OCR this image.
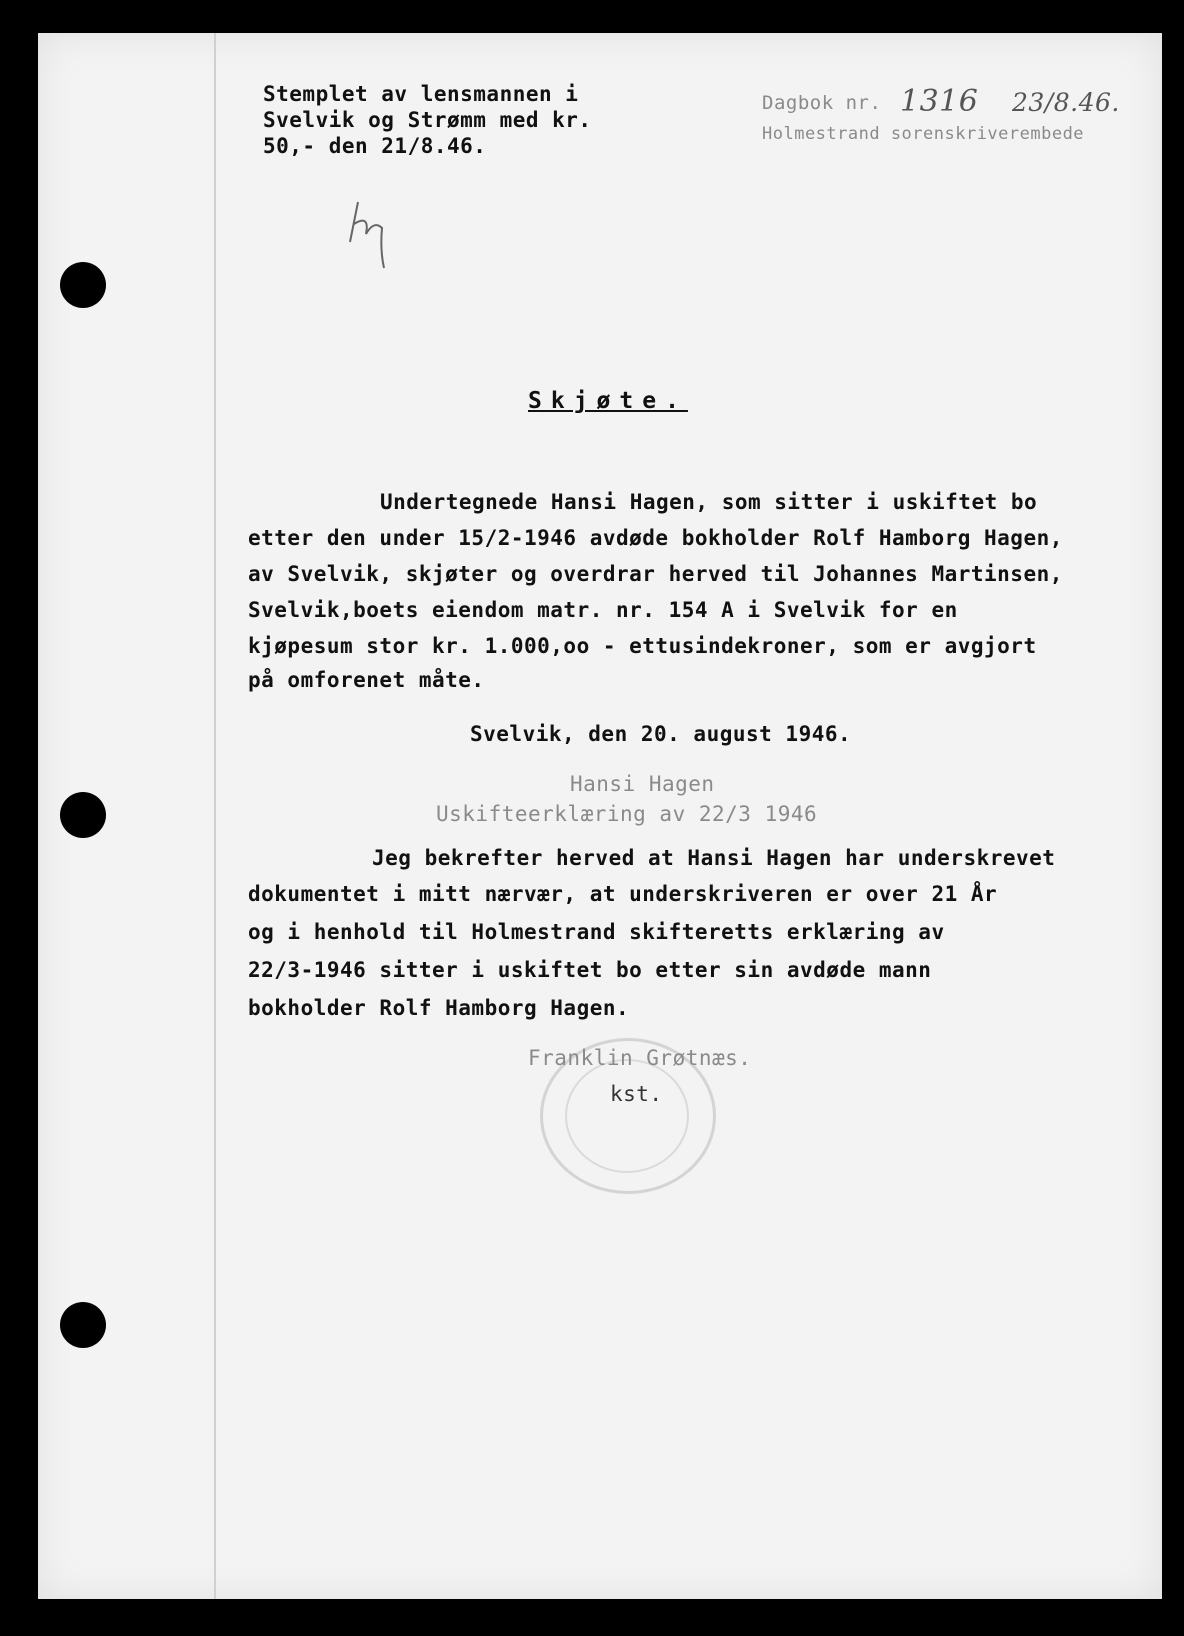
Stemplet av lensmannen i
Svelvik og Strømm med kr.
50,- den 21/8.46.
Dagbok nr. 1316 23/8.46.
Holmestrand sorenskriverembede
Skjøte.
Undertegnede Hansi Hagen, som sitter i uskiftet bo
etter den under 15/2-1946 avdøde bokholder Rolf Hamborg Hagen,
av Svelvik, skjøter og overdrar herved til Johannes Martinsen,
Svelvik,boets eiendom matr. nr. 154 A i Svelvik for en
kjøpesum stor kr. 1.000,oo - ettusindekroner, som er avgjort
på omforenet måte.
Svelvik, den 20. august 1946.
Hansi Hagen
Uskifteerklæring av 22/3 1946
Jeg bekrefter herved at Hansi Hagen har underskrevet
dokumentet i mitt nærvær, at underskriveren er over 21 År
og i henhold til Holmestrand skifteretts erklæring av
22/3-1946 sitter i uskiftet bo etter sin avdøde mann
bokholder Rolf Hamborg Hagen.
Franklin Grøtnæs.
kst.
